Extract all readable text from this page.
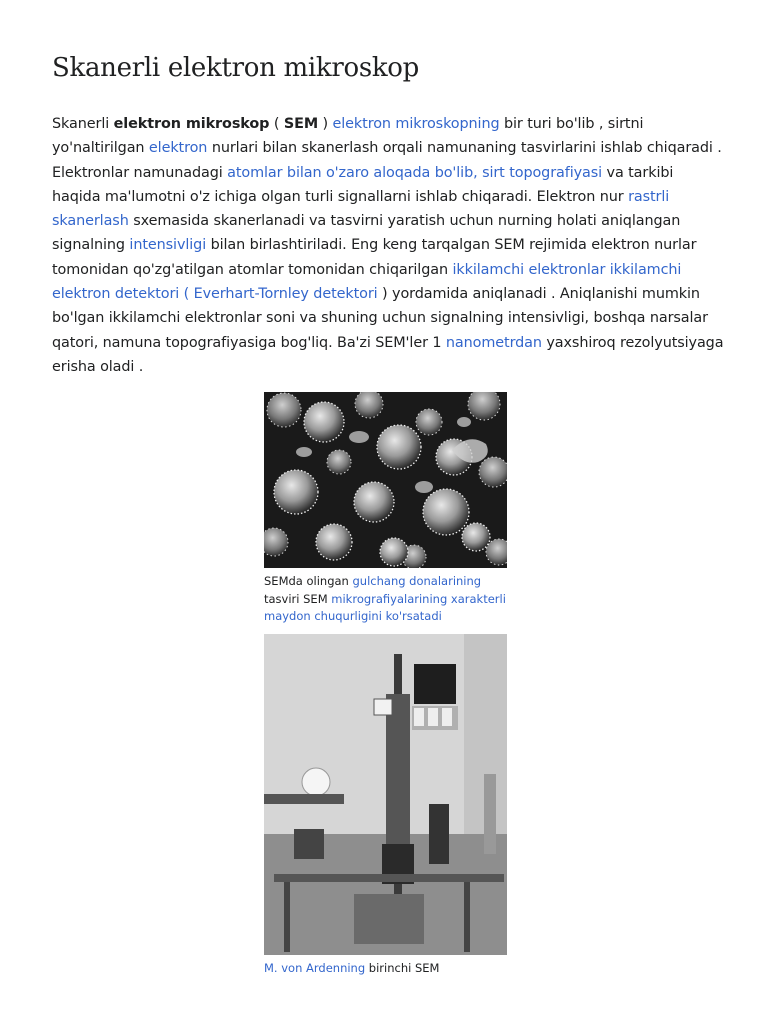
Skanerli elektron mikroskop

Skanerli elektron mikroskop ( SEM ) elektron mikroskopning bir turi bo'lib , sirtni yo'naltirilgan elektron nurlari bilan skanerlash orqali namunaning tasvirlarini ishlab chiqaradi . Elektronlar namunadagi atomlar bilan o'zaro aloqada bo'lib, sirt topografiyasi va tarkibi haqida ma'lumotni o'z ichiga olgan turli signallarni ishlab chiqaradi. Elektron nur rastrli skanerlash sxemasida skanerlanadi va tasvirni yaratish uchun nurning holati aniqlangan signalning intensivligi bilan birlashtiriladi. Eng keng tarqalgan SEM rejimida elektron nurlar tomonidan qo'zg'atilgan atomlar tomonidan chiqarilgan ikkilamchi elektronlar ikkilamchi elektron detektori ( Everhart-Tornley detektori ) yordamida aniqlanadi . Aniqlanishi mumkin bo'lgan ikkilamchi elektronlar soni va shuning uchun signalning intensivligi, boshqa narsalar qatori, namuna topografiyasiga bog'liq. Ba'zi SEM'ler 1 nanometrdan yaxshiroq rezolyutsiyaga erisha oladi .

SEMda olingan gulchang donalarining tasviri SEM mikrografiyalarining xarakterli maydon chuqurligini ko'rsatadi
M. von Ardenning birinchi SEM
